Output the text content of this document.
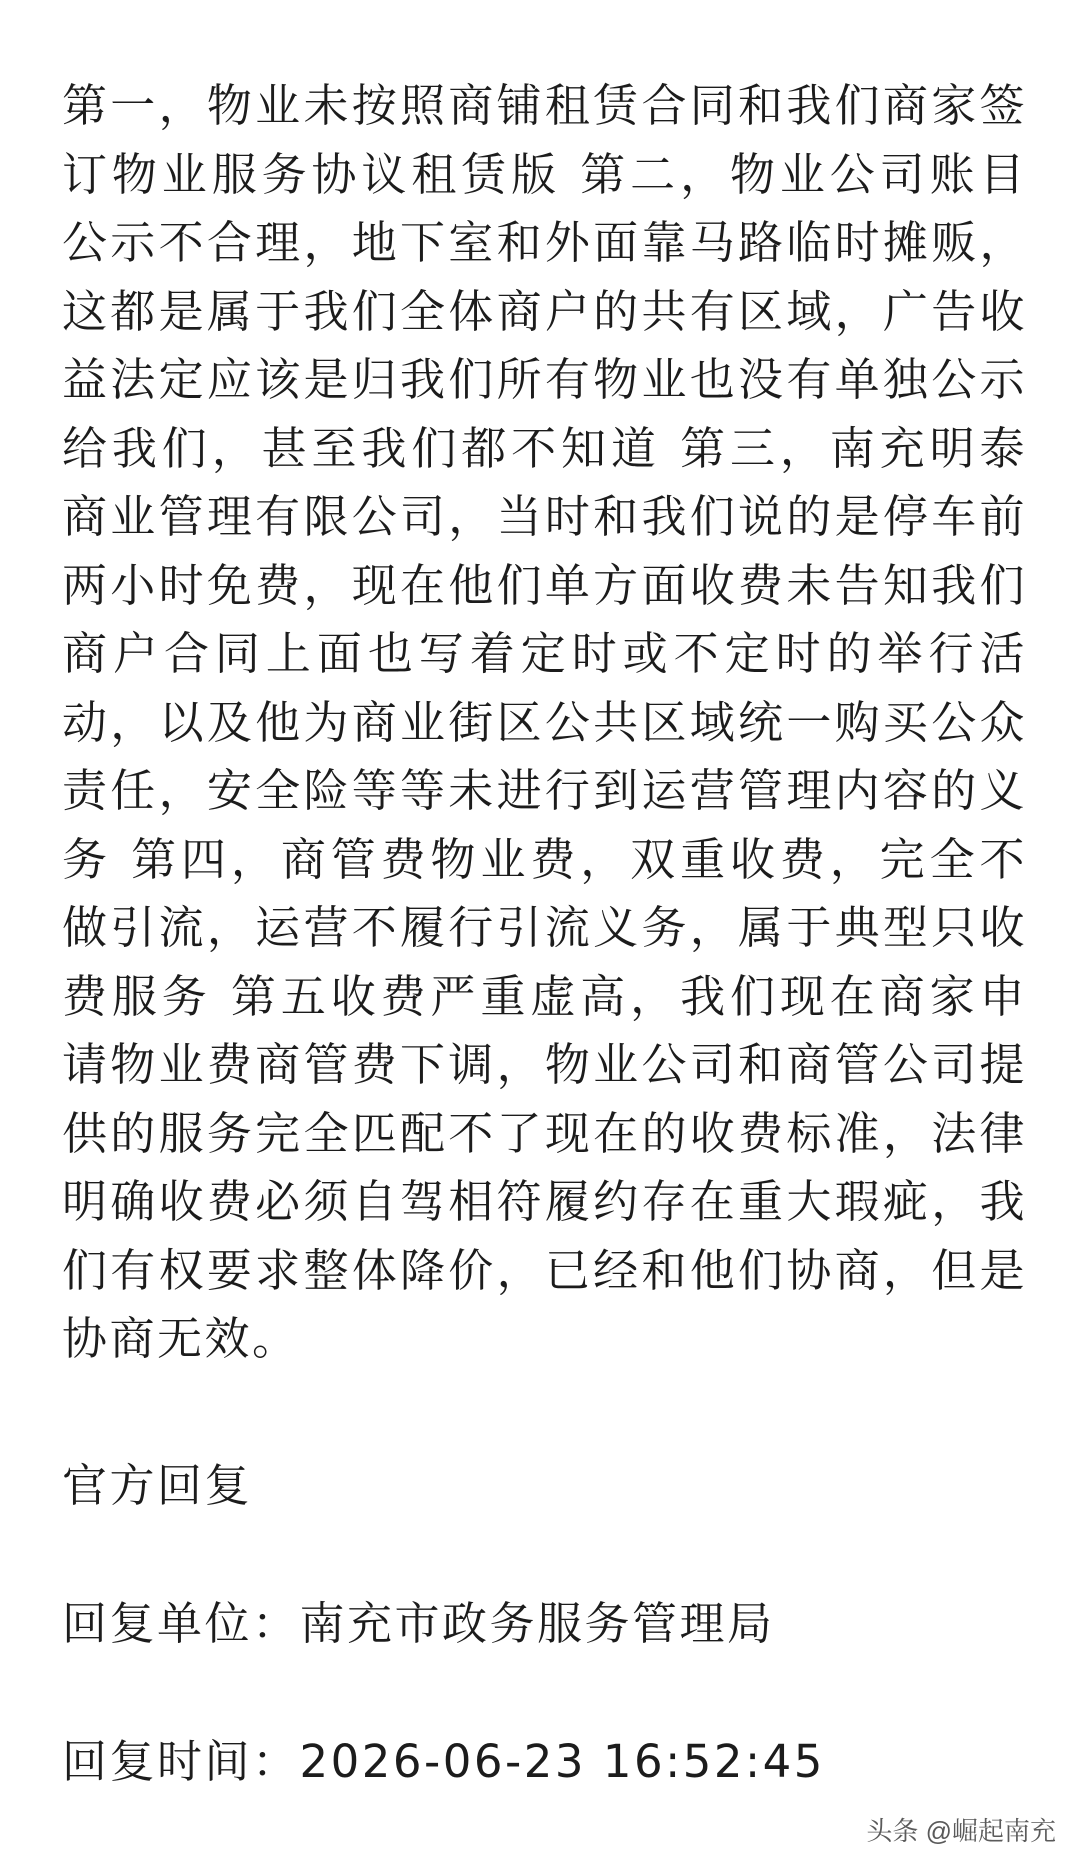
第一，物业未按照商铺租赁合同和我们商家签订物业服务协议租赁版 第二，物业公司账目公示不合理，地下室和外面靠马路临时摊贩，这都是属于我们全体商户的共有区域，广告收益法定应该是归我们所有物业也没有单独公示给我们，甚至我们都不知道 第三，南充明泰商业管理有限公司，当时和我们说的是停车前两小时免费，现在他们单方面收费未告知我们商户合同上面也写着定时或不定时的举行活动，以及他为商业街区公共区域统一购买公众责任，安全险等等未进行到运营管理内容的义务 第四，商管费物业费，双重收费，完全不做引流，运营不履行引流义务，属于典型只收费服务 第五收费严重虚高，我们现在商家申请物业费商管费下调，物业公司和商管公司提供的服务完全匹配不了现在的收费标准，法律明确收费必须自驾相符履约存在重大瑕疵，我们有权要求整体降价，已经和他们协商，但是协商无效。

官方回复

回复单位：南充市政务服务管理局

回复时间：2026-06-23 16:52:45

头条 @崛起南充
